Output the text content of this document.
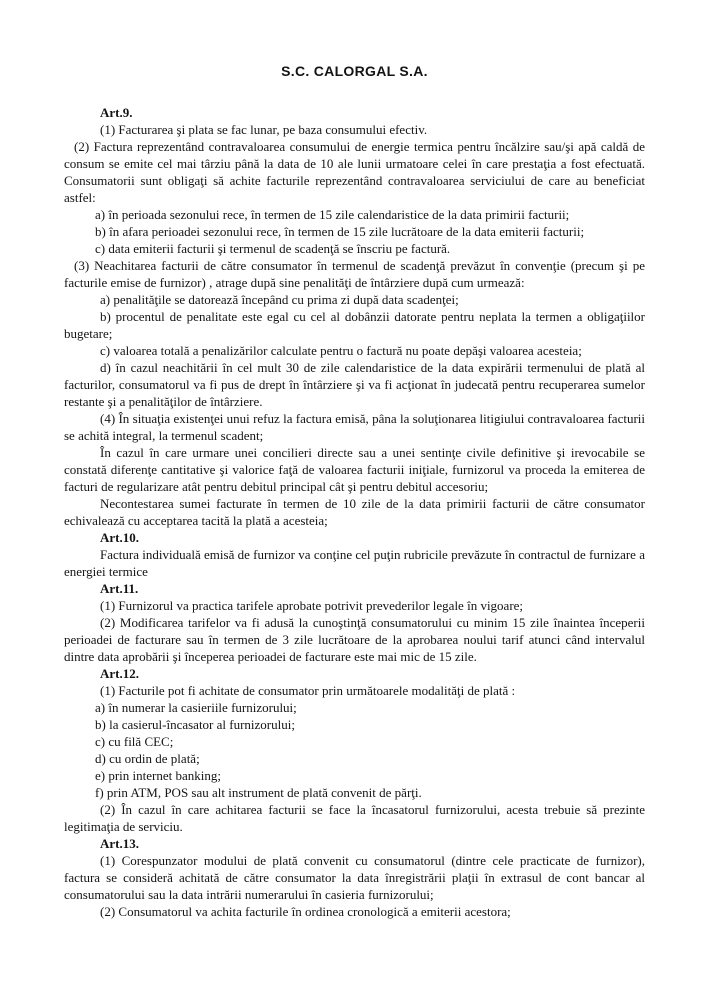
S.C. CALORGAL S.A.

Art.9.

(1) Facturarea şi plata se fac lunar, pe baza consumului efectiv.

(2) Factura reprezentând contravaloarea consumului de energie termica pentru încălzire sau/şi apă caldă de consum se emite cel mai târziu până la data de 10 ale lunii urmatoare celei în care prestaţia a fost efectuată. Consumatorii sunt obligaţi să achite facturile reprezentând contravaloarea serviciului de care au beneficiat astfel:

a) în perioada sezonului rece, în termen de 15 zile calendaristice de la data primirii facturii;

b) în afara perioadei sezonului rece, în termen de 15 zile lucrătoare de la data emiterii facturii;

c) data emiterii facturii şi termenul de scadenţă se înscriu pe factură.

(3) Neachitarea facturii de către consumator în termenul de scadenţă prevăzut în convenţie (precum şi pe facturile emise de furnizor) , atrage după sine penalităţi de întârziere după cum urmează:

a) penalităţile se datorează începând cu prima zi după data scadenţei;

b) procentul de penalitate este egal cu cel al dobânzii datorate pentru neplata la termen a obligaţiilor bugetare;

c) valoarea totală a penalizărilor calculate pentru o factură nu poate depăşi valoarea acesteia;

d) în cazul neachitării în cel mult 30 de zile calendaristice de la data expirării termenului de plată al facturilor, consumatorul va fi pus de drept în întârziere şi va fi acţionat în judecată pentru recuperarea sumelor restante şi a penalităţilor de întârziere.

(4) În situaţia existenţei unui refuz la factura emisă, pâna la soluţionarea litigiului contravaloarea facturii se achită integral, la termenul scadent;

În cazul în care urmare unei concilieri directe sau a unei sentinţe civile definitive şi irevocabile se constată diferenţe cantitative şi valorice faţă de valoarea facturii iniţiale, furnizorul va proceda la emiterea de facturi de regularizare atât pentru debitul principal cât şi pentru debitul accesoriu;

Necontestarea sumei facturate în termen de 10 zile de la data primirii facturii de către consumator echivalează cu acceptarea tacită la plată a acesteia;

Art.10.

Factura individuală emisă de furnizor va conţine cel puţin rubricile prevăzute în contractul de furnizare a energiei termice

Art.11.

(1) Furnizorul va practica tarifele aprobate potrivit prevederilor legale în vigoare;

(2) Modificarea tarifelor va fi adusă la cunoştinţă consumatorului cu minim 15 zile înaintea începerii perioadei de facturare sau în termen de 3 zile lucrătoare de la aprobarea noului tarif atunci când intervalul dintre data aprobării şi începerea perioadei de facturare este mai mic de 15 zile.

Art.12.

(1) Facturile pot fi achitate de consumator prin următoarele modalităţi de plată :

a) în numerar la casieriile furnizorului;

b) la casierul-încasator al furnizorului;

c) cu filă CEC;

d) cu ordin de plată;

e) prin internet banking;

f) prin ATM, POS sau alt instrument de plată convenit de părţi.

(2) În cazul în care achitarea facturii se face la încasatorul furnizorului, acesta trebuie să prezinte legitimaţia de serviciu.

Art.13.

(1) Corespunzator modului de plată convenit cu consumatorul (dintre cele practicate de furnizor), factura se consideră achitată de către consumator la data înregistrării plaţii în extrasul de cont bancar al consumatorului sau la data intrării numerarului în casieria furnizorului;

(2) Consumatorul va achita facturile în ordinea cronologică a emiterii acestora;
